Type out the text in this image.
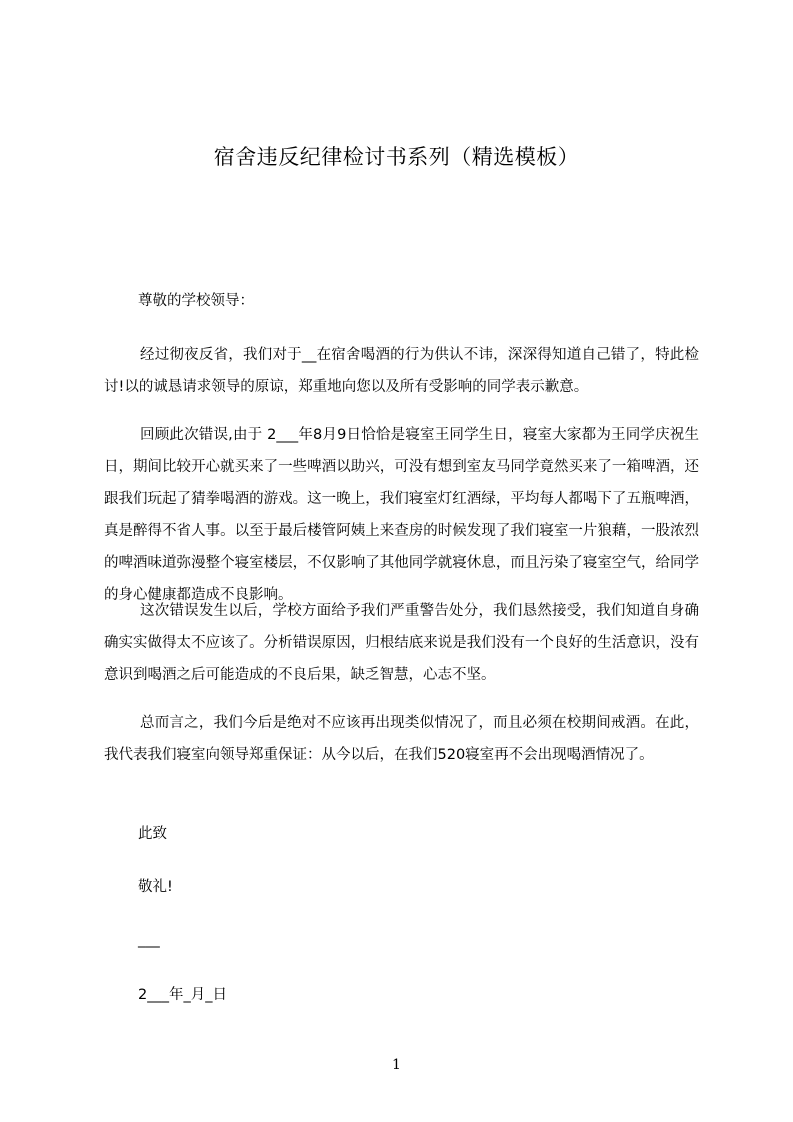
宿舍违反纪律检讨书系列（精选模板）
尊敬的学校领导：
经过彻夜反省，我们对于__在宿舍喝酒的行为供认不讳，深深得知道自己错了，特此检讨!以的诚恳请求领导的原谅，郑重地向您以及所有受影响的同学表示歉意。
回顾此次错误,由于 2___年8月9日恰恰是寝室王同学生日，寝室大家都为王同学庆祝生日，期间比较开心就买来了一些啤酒以助兴，可没有想到室友马同学竟然买来了一箱啤酒，还跟我们玩起了猜拳喝酒的游戏。这一晚上，我们寝室灯红酒绿，平均每人都喝下了五瓶啤酒，真是醉得不省人事。以至于最后楼管阿姨上来查房的时候发现了我们寝室一片狼藉，一股浓烈的啤酒味道弥漫整个寝室楼层，不仅影响了其他同学就寝休息，而且污染了寝室空气，给同学的身心健康都造成不良影响。
这次错误发生以后，学校方面给予我们严重警告处分，我们恳然接受，我们知道自身确确实实做得太不应该了。分析错误原因，归根结底来说是我们没有一个良好的生活意识，没有意识到喝酒之后可能造成的不良后果，缺乏智慧，心志不坚。
总而言之，我们今后是绝对不应该再出现类似情况了，而且必须在校期间戒酒。在此，我代表我们寝室向领导郑重保证：从今以后，在我们520寝室再不会出现喝酒情况了。
此致
敬礼!
___
2___年_月_日
1
